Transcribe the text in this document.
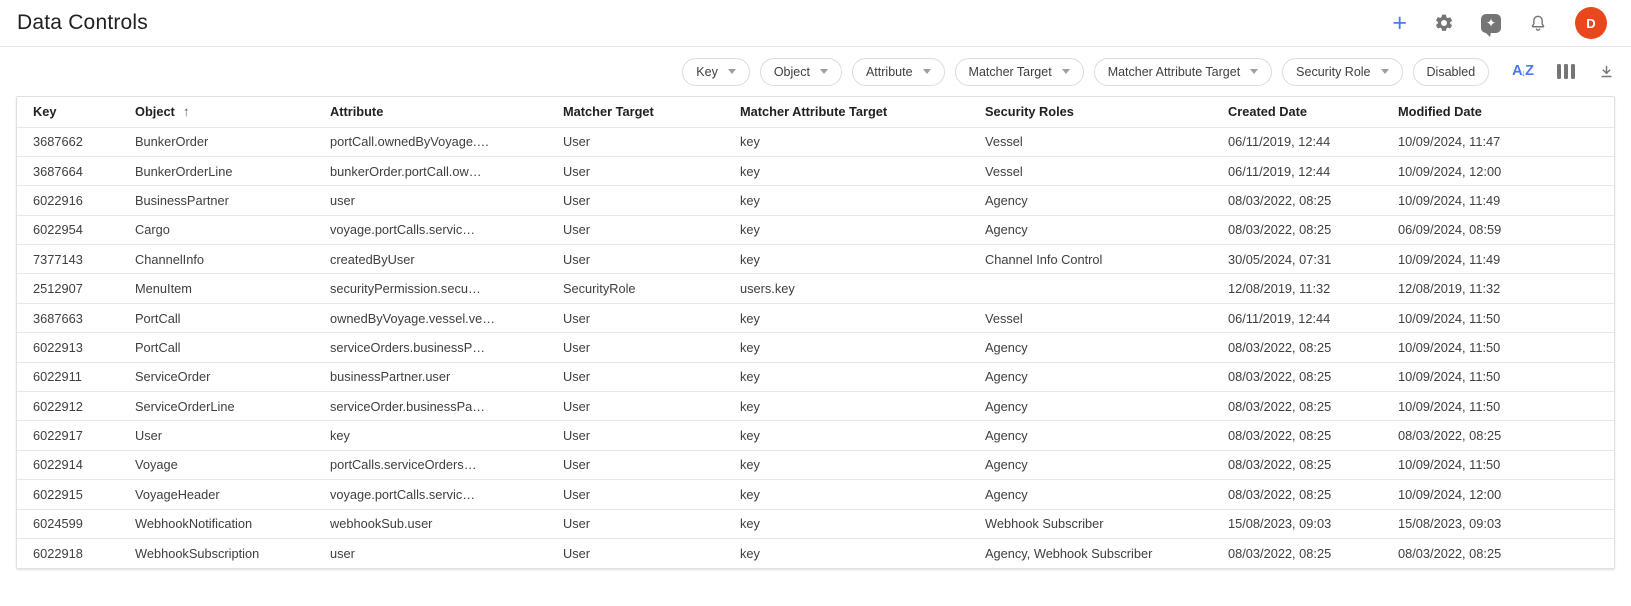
Data Controls	+	✦	D
Key	Object	Attribute	Matcher Target	Matcher Attribute Target	Security Role	Disabled	A ↓ Z
Key	Object ↑	Attribute	Matcher Target	Matcher Attribute Target	Security Roles	Created Date	Modified Date
3687662	BunkerOrder	portCall.ownedByVoyage.…	User	key	Vessel	06/11/2019, 12:44	10/09/2024, 11:47
3687664	BunkerOrderLine	bunkerOrder.portCall.ow…	User	key	Vessel	06/11/2019, 12:44	10/09/2024, 12:00
6022916	BusinessPartner	user	User	key	Agency	08/03/2022, 08:25	10/09/2024, 11:49
6022954	Cargo	voyage.portCalls.servic…	User	key	Agency	08/03/2022, 08:25	06/09/2024, 08:59
7377143	ChannelInfo	createdByUser	User	key	Channel Info Control	30/05/2024, 07:31	10/09/2024, 11:49
2512907	MenuItem	securityPermission.secu…	SecurityRole	users.key		12/08/2019, 11:32	12/08/2019, 11:32
3687663	PortCall	ownedByVoyage.vessel.ve…	User	key	Vessel	06/11/2019, 12:44	10/09/2024, 11:50
6022913	PortCall	serviceOrders.businessP…	User	key	Agency	08/03/2022, 08:25	10/09/2024, 11:50
6022911	ServiceOrder	businessPartner.user	User	key	Agency	08/03/2022, 08:25	10/09/2024, 11:50
6022912	ServiceOrderLine	serviceOrder.businessPa…	User	key	Agency	08/03/2022, 08:25	10/09/2024, 11:50
6022917	User	key	User	key	Agency	08/03/2022, 08:25	08/03/2022, 08:25
6022914	Voyage	portCalls.serviceOrders…	User	key	Agency	08/03/2022, 08:25	10/09/2024, 11:50
6022915	VoyageHeader	voyage.portCalls.servic…	User	key	Agency	08/03/2022, 08:25	10/09/2024, 12:00
6024599	WebhookNotification	webhookSub.user	User	key	Webhook Subscriber	15/08/2023, 09:03	15/08/2023, 09:03
6022918	WebhookSubscription	user	User	key	Agency, Webhook Subscriber	08/03/2022, 08:25	08/03/2022, 08:25
